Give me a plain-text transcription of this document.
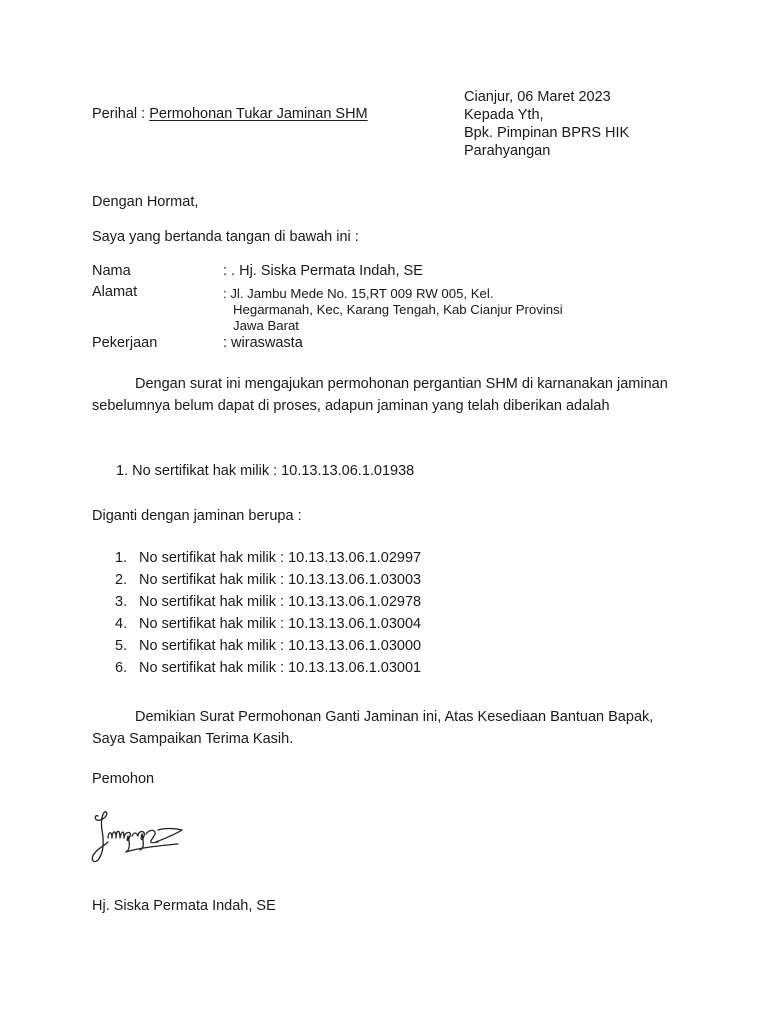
Cianjur, 06 Maret 2023
Kepada Yth,
Bpk. Pimpinan BPRS HIK
Parahyangan
Perihal : Permohonan Tukar Jaminan SHM
Dengan Hormat,
Saya yang bertanda tangan di bawah ini :
Nama	: . Hj. Siska Permata Indah, SE
Alamat	: Jl. Jambu Mede No. 15,RT 009 RW 005, Kel.
Hegarmanah, Kec, Karang Tengah, Kab Cianjur Provinsi
Jawa Barat
Pekerjaan	: wiraswasta
Dengan surat ini mengajukan permohonan pergantian SHM di karnanakan jaminan sebelumnya belum dapat di proses, adapun jaminan yang telah diberikan adalah
1. No sertifikat hak milik : 10.13.13.06.1.01938
Diganti dengan jaminan berupa :
1. No sertifikat hak milik : 10.13.13.06.1.02997
2. No sertifikat hak milik : 10.13.13.06.1.03003
3. No sertifikat hak milik : 10.13.13.06.1.02978
4. No sertifikat hak milik : 10.13.13.06.1.03004
5. No sertifikat hak milik : 10.13.13.06.1.03000
6. No sertifikat hak milik : 10.13.13.06.1.03001
Demikian Surat Permohonan Ganti Jaminan ini, Atas Kesediaan Bantuan Bapak, Saya Sampaikan Terima Kasih.
Pemohon
Hj. Siska Permata Indah, SE
